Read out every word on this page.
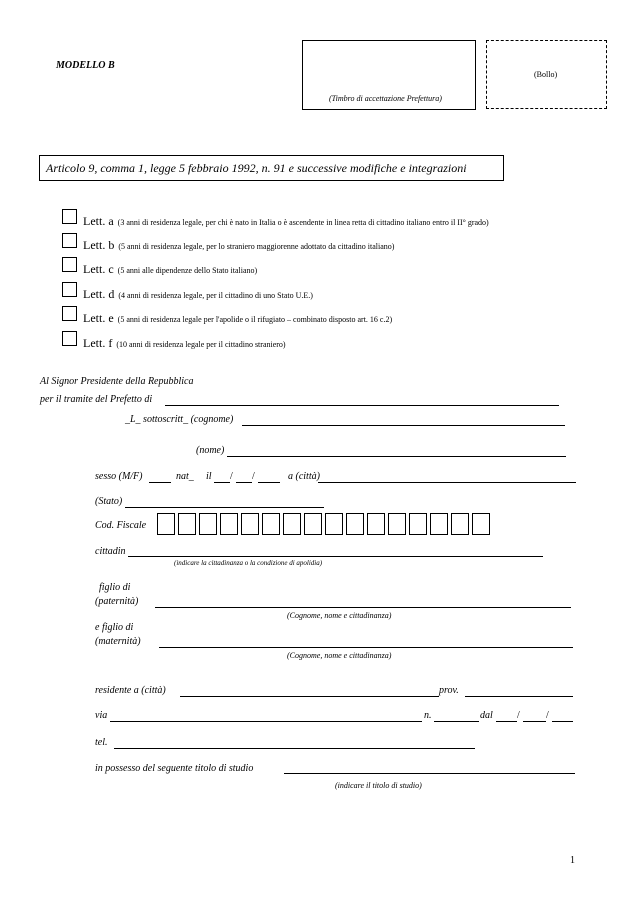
MODELLO B
(Timbro di accettazione Prefettura)
(Bollo)
Articolo 9, comma 1, legge 5 febbraio 1992, n. 91 e successive modifiche e integrazioni
Lett. a (3 anni di residenza legale, per chi è nato in Italia o è ascendente in linea retta di cittadino italiano entro il II° grado)
Lett. b (5 anni di residenza legale, per lo straniero maggiorenne adottato da cittadino italiano)
Lett. c (5 anni alle dipendenze dello Stato italiano)
Lett. d (4 anni di residenza legale, per il cittadino di uno Stato U.E.)
Lett. e (5 anni di residenza legale per l'apolide o il rifugiato – combinato disposto art. 16 c.2)
Lett. f (10 anni di residenza legale per il cittadino straniero)
Al Signor Presidente della Repubblica
per il tramite del Prefetto di
_L_ sottoscritt_ (cognome)
(nome)
sesso (M/F)	nat_ il / /	a (città)
(Stato)
Cod. Fiscale
cittadin
(indicare la cittadinanza o la condizione di apolidia)
figlio di
(paternità)
(Cognome, nome e cittadinanza)
e figlio di
(maternità)
(Cognome, nome e cittadinanza)
residente a (città)	prov.
via	n.	dal /	/
tel.
in possesso del seguente titolo di studio
(indicare il titolo di studio)
1
